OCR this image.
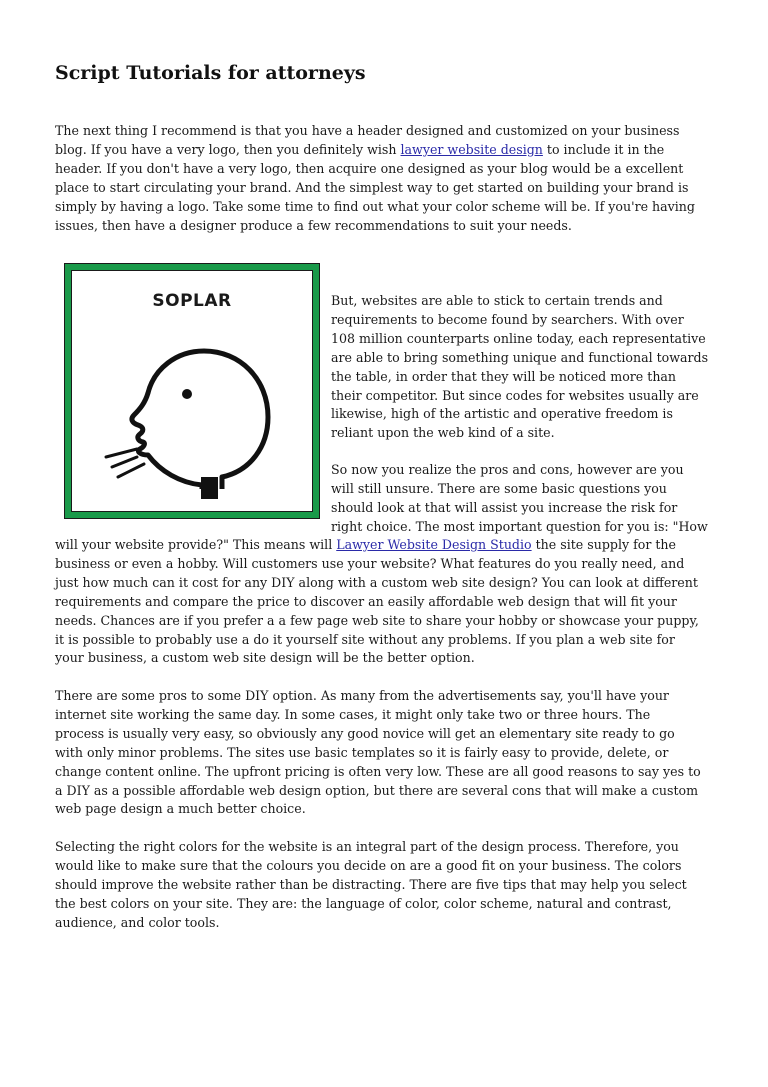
Script Tutorials for attorneys

The next thing I recommend is that you have a header designed and customized on your business
blog. If you have a very logo, then you definitely wish lawyer website design to include it in the
header. If you don't have a very logo, then acquire one designed as your blog would be a excellent
place to start circulating your brand. And the simplest way to get started on building your brand is
simply by having a logo. Take some time to find out what your color scheme will be. If you're having
issues, then have a designer produce a few recommendations to suit your needs.

But, websites are able to stick to certain trends and
requirements to become found by searchers. With over
108 million counterparts online today, each representative
are able to bring something unique and functional towards
the table, in order that they will be noticed more than
their competitor. But since codes for websites usually are
likewise, high of the artistic and operative freedom is
reliant upon the web kind of a site.
So now you realize the pros and cons, however are you
will still unsure. There are some basic questions you
should look at that will assist you increase the risk for
right choice. The most important question for you is: "How

will your website provide?" This means will Lawyer Website Design Studio the site supply for the
business or even a hobby. Will customers use your website? What features do you really need, and
just how much can it cost for any DIY along with a custom web site design? You can look at different
requirements and compare the price to discover an easily affordable web design that will fit your
needs. Chances are if you prefer a a few page web site to share your hobby or showcase your puppy,
it is possible to probably use a do it yourself site without any problems. If you plan a web site for
your business, a custom web site design will be the better option.

There are some pros to some DIY option. As many from the advertisements say, you'll have your
internet site working the same day. In some cases, it might only take two or three hours. The
process is usually very easy, so obviously any good novice will get an elementary site ready to go
with only minor problems. The sites use basic templates so it is fairly easy to provide, delete, or
change content online. The upfront pricing is often very low. These are all good reasons to say yes to
a DIY as a possible affordable web design option, but there are several cons that will make a custom
web page design a much better choice.

Selecting the right colors for the website is an integral part of the design process. Therefore, you
would like to make sure that the colours you decide on are a good fit on your business. The colors
should improve the website rather than be distracting. There are five tips that may help you select
the best colors on your site. They are: the language of color, color scheme, natural and contrast,
audience, and color tools.

SOPLAR
